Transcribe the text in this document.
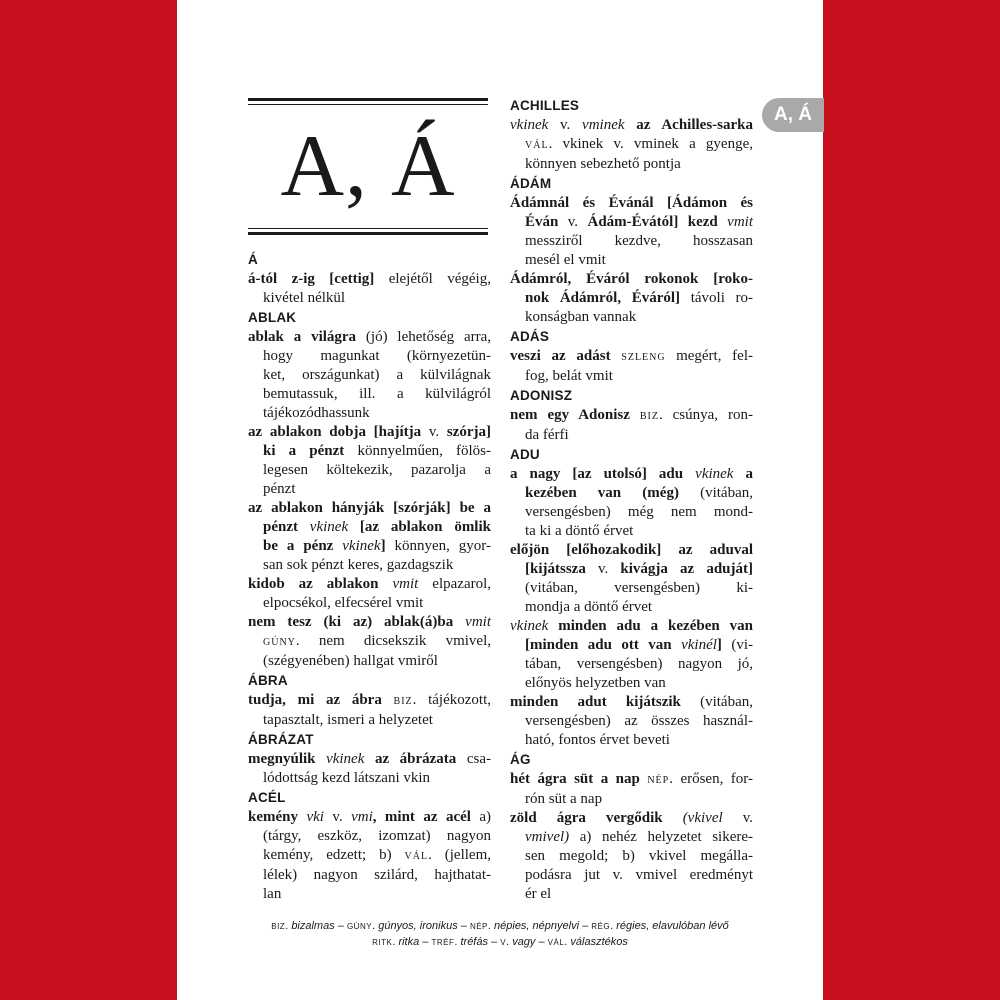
A, Á
A, Á
Á
á-tól z-ig [cettig] elejétől végéig,
kivétel nélkül
ABLAK
ablak a világra (jó) lehetőség arra,
hogy magunkat (környezetün-
ket, országunkat) a külvilágnak
bemutassuk, ill. a külvilágról
tájékozódhassunk
az ablakon dobja [hajítja v. szórja]
ki a pénzt könnyelműen, fölös-
legesen költekezik, pazarolja a
pénzt
az ablakon hányják [szórják] be a
pénzt vkinek [az ablakon ömlik
be a pénz vkinek] könnyen, gyor-
san sok pénzt keres, gazdagszik
kidob az ablakon vmit elpazarol,
elpocsékol, elfecsérel vmit
nem tesz (ki az) ablak(á)ba vmit
GÚNY. nem dicsekszik vmivel,
(szégyenében) hallgat vmiről
ÁBRA
tudja, mi az ábra BIZ. tájékozott,
tapasztalt, ismeri a helyzetet
ÁBRÁZAT
megnyúlik vkinek az ábrázata csa-
lódottság kezd látszani vkin
ACÉL
kemény vki v. vmi, mint az acél a)
(tárgy, eszköz, izomzat) nagyon
kemény, edzett; b) VÁL. (jellem,
lélek) nagyon szilárd, hajthatat-
lan
ACHILLES
vkinek v. vminek az Achilles-sarka
VÁL. vkinek v. vminek a gyenge,
könnyen sebezhető pontja
ÁDÁM
Ádámnál és Évánál [Ádámon és
Éván v. Ádám-Évától] kezd vmit
messziről kezdve, hosszasan
mesél el vmit
Ádámról, Éváról rokonok [roko-
nok Ádámról, Éváról] távoli ro-
konságban vannak
ADÁS
veszi az adást SZLENG megért, fel-
fog, belát vmit
ADONISZ
nem egy Adonisz BIZ. csúnya, ron-
da férfi
ADU
a nagy [az utolsó] adu vkinek a
kezében van (még) (vitában,
versengésben) még nem mond-
ta ki a döntő érvet
előjön [előhozakodik] az aduval
[kijátssza v. kivágja az aduját]
(vitában, versengésben) ki-
mondja a döntő érvet
vkinek minden adu a kezében van
[minden adu ott van vkinél] (vi-
tában, versengésben) nagyon jó,
előnyös helyzetben van
minden adut kijátszik (vitában,
versengésben) az összes használ-
ható, fontos érvet beveti
ÁG
hét ágra süt a nap NÉP. erősen, for-
rón süt a nap
zöld ágra vergődik (vkivel v.
vmivel) a) nehéz helyzetet sikere-
sen megold; b) vkivel megálla-
podásra jut v. vmivel eredményt
ér el
BIZ. bizalmas – GÚNY. gúnyos, ironikus – NÉP. népies, népnyelvi – RÉG. régies, elavulóban lévő
RITK. ritka – TRÉF. tréfás – V. vagy – VÁL. választékos
